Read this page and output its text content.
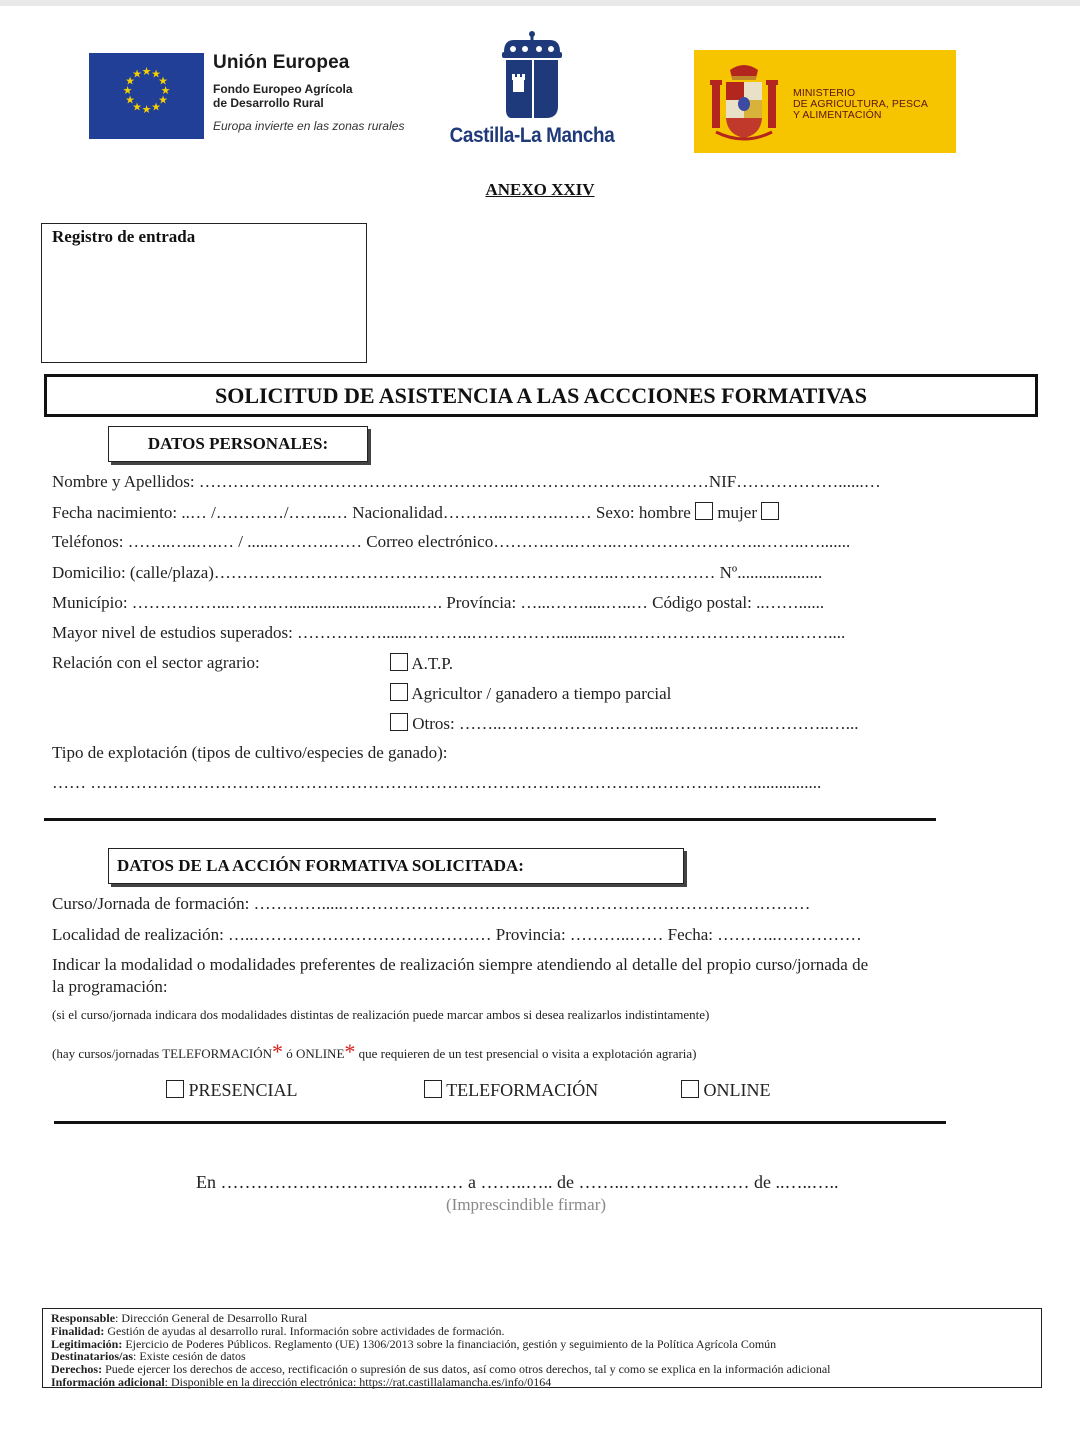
★ ★
★
★
★
★
★
★
★
★
★
★
Unión Europea
Fondo Europeo Agrícola
de Desarrollo Rural
Europa invierte en las zonas rurales Castilla-La Mancha
MINISTERIO
DE AGRICULTURA, PESCA
Y ALIMENTACIÓN
ANEXO XXIV
Registro de entrada
SOLICITUD DE ASISTENCIA A LAS ACCCIONES FORMATIVAS
DATOS PERSONALES:
Nombre y Apellidos: ………………………………………………..…………………..…………NIF………………......…
Fecha nacimiento: ..… /…………/……..… Nacionalidad………..……….…… Sexo: hombre mujer
Teléfonos: ……..…..….… / ......……….…… Correo electrónico……….…..……..……………………..……..….......
Domicilio: (calle/plaza)……………………………………………………………..……………… Nº....................
Município: ……………...……..…...............................…. Província: …...…….....…..… Código postal: ..……......
Mayor nivel de estudios superados: …………….......………..…………….............….………………………..……....
Relación con el sector agrario:	A.T.P.
Agricultor / ganadero a tiempo parcial
Otros: ……..………………………..……….………………..…...
Tipo de explotación (tipos de cultivo/especies de ganado):
…… ………………………………………………………………………………………………………................
DATOS DE LA ACCIÓN FORMATIVA SOLICITADA:
Curso/Jornada de formación: ………….....………………………………..………………………………………
Localidad de realización: …..…………………………………… Provincia: ………..…… Fecha: ………..……………
Indicar la modalidad o modalidades preferentes de realización siempre atendiendo al detalle del propio curso/jornada de
la programación:
(si el curso/jornada indicara dos modalidades distintas de realización puede marcar ambos si desea realizarlos indistintamente)
(hay cursos/jornadas TELEFORMACIÓN* ó ONLINE* que requieren de un test presencial o visita a explotación agraria)
PRESENCIAL	TELEFORMACIÓN	ONLINE
En ……………………………..…… a ……..….. de ……..………………… de ..…..…..
(Imprescindible firmar)
Responsable: Dirección General de Desarrollo Rural
Finalidad: Gestión de ayudas al desarrollo rural. Información sobre actividades de formación.
Legitimación: Ejercicio de Poderes Públicos. Reglamento (UE) 1306/2013 sobre la financiación, gestión y seguimiento de la Política Agrícola Común
Destinatarios/as: Existe cesión de datos
Derechos: Puede ejercer los derechos de acceso, rectificación o supresión de sus datos, así como otros derechos, tal y como se explica en la información adicional
Información adicional: Disponible en la dirección electrónica: https://rat.castillalamancha.es/info/0164
